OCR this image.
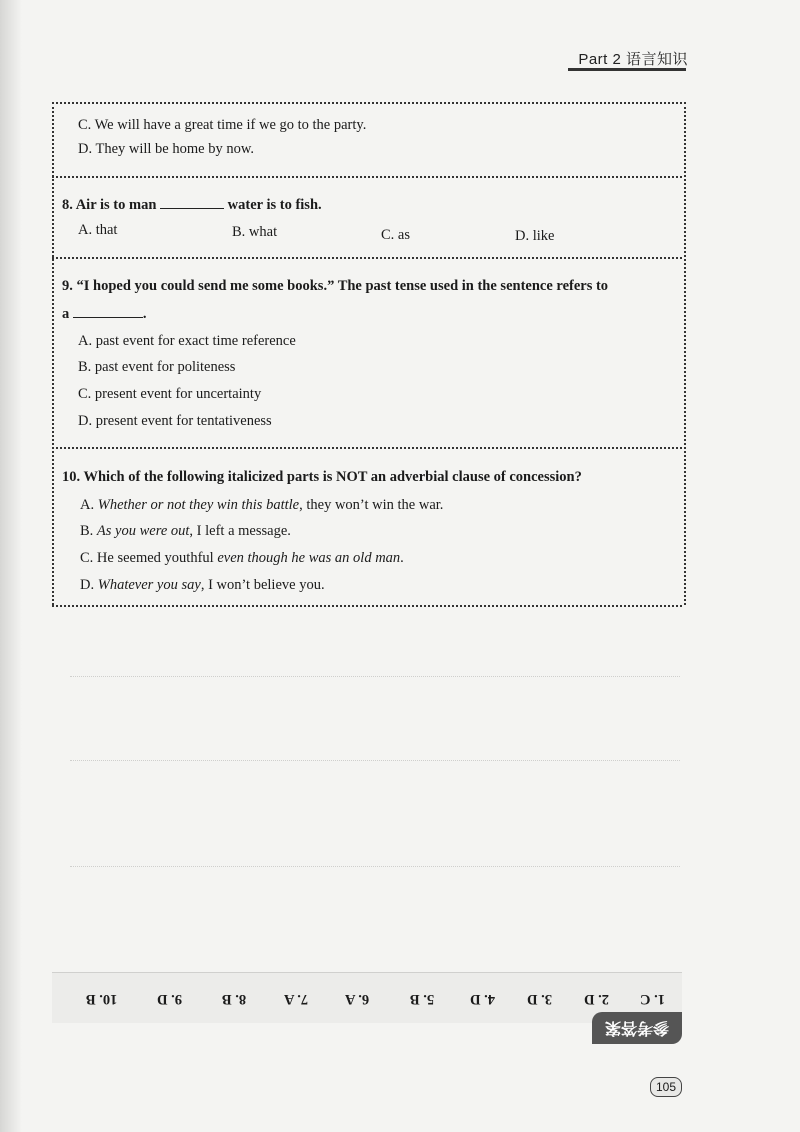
Part 2 语言知识

C. We will have a great time if we go to the party.
D. They will be home by now.
8. Air is to man	water is to fish.
A. that	B. what	C. as	D. like
9. “I hoped you could send me some books.” The past tense used in the sentence refers to
a	.
A. past event for exact time reference
B. past event for politeness
C. present event for uncertainty
D. present event for tentativeness
10. Which of the following italicized parts is NOT an adverbial clause of concession?
A. Whether or not they win this battle, they won’t win the war.
B. As you were out, I left a message.
C. He seemed youthful even though he was an old man.
D. Whatever you say, I won’t believe you.
10. B	9. D	8. B	7. A	6. A	5. B 4. D 3. D 2. D 1. C
参考答案
105
